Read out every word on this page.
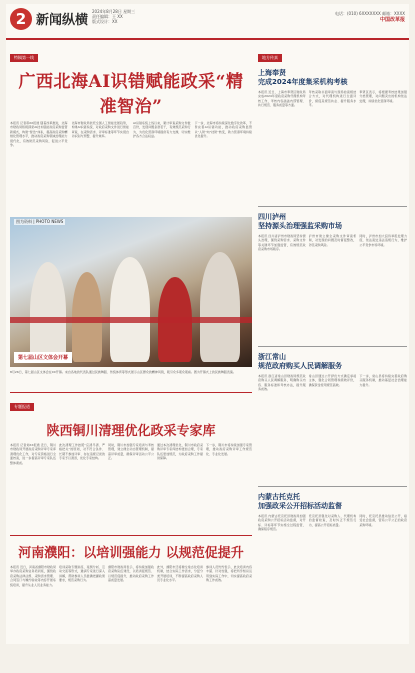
2 新闻纵横
2024年8月28日 星期三
责任编辑：王 XX
版式设计：XX
电话：(010) 6XXXXXXX 邮箱：XXXX
中国改革报
特稿第一线
广西北海AI识错赋能政采“精准智治”
本报讯 记者莫XX报道 随着改革推进，北海市财政局积极探索AI技术赋能政府采购监管新模式，构建“智治”体系，提高政府采购精细化管理水平，推动政府采购领域治理能力现代化，有效防范采购风险，促进公平竞争。
北海市财政局依托全国人工智能发展趋势，构建AI识错系统，对政府采购文件进行智能审查，在采购需求、评审标准等环节实现自动识别与预警，提升效率。
AI识错系统上线以来，累计审查采购文件数百份，发现问题条款若干，有效规范采购行为，为优化营商环境提供有力支撑，切实维护各方合法权益。
下一步，北海市将持续深化数字化改革，不断完善AI识错功能，推动政府采购监管从“人防”向“技防”转变，助力营商环境持续优化提升。
图为资料 | PHOTO NEWS
第七届山区文体会开幕
8月26日，第七届山区文体会在XX开幕。来自各地的代表队通过民族舞蹈、传统体育等形式展示山区群众的精神风貌，吸引众多观众观看。图为开幕式上的民族舞蹈表演。
专题报道
陕西铜川清理优化政采专家库
本报讯 记者刘XX报道 近日，铜川市财政局开展政府采购评审专家库清理优化工作，对专家资格进行全面核查，进一步提高评审专家队伍整体素质。
此次清理工作按照“应清尽清、严格把关”的原则，对不符合条件、长期不参加评审、存在违规记录的专家予以清退，优化专家结构。
同时，铜川市加强专家培训与考核管理，建立健全动态管理机制，提高评审质量，确保评审活动公平公正。
通过本次清理优化，铜川市政府采购评审专家库结构更加合理，专家队伍更加规范，为政府采购工作提供保障。
下一步，铜川市将持续加强专家管理，推动政府采购评审工作规范化、专业化发展。
河南濮阳：以培训强能力 以规范促提升
本报讯 近日，河南省濮阳市财政局举办政府采购业务培训班，围绕政府采购法律法规、采购需求管理、合同签订与履约验收等内容开展系统培训，提升从业人员业务能力。
培训采取专题讲座、案例分析、互动交流等形式，邀请专家进行深入讲解，帮助参训人员准确把握政策要求，规范采购行为。
濮阳市财政局表示，将持续加强政府采购队伍建设，以培训促规范、以规范促提升，推动政府采购工作高质量发展。
此外，濮阳市还将健全常态化培训机制，结合实际工作需求，分层分类开展培训，不断提高政府采购人员专业化水平。
参训人员纷纷表示，此次培训内容丰富、针对性强，将把所学知识运用到实际工作中，切实提高政府采购工作质效。
地方传真
上海奉贤
完成2024年度集采机构考核
本报讯 近日，上海市奉贤区财政局完成2024年度政府采购代理机构考核工作，考核内容涵盖内部管理、执行规范、服务质量等方面。
考核采取书面审查与现场检查相结合方式，对代理机构进行全面评价，督促其规范执业、提升服务水平。
奉贤区表示，将根据考核结果加强分类管理，对问题突出的机构依法处理，持续优化营商环境。
四川泸州
坚持源头治理强监采购市场
本报讯 四川省泸州市财政局坚持源头治理，围绕采购需求、采购文件等关键环节加强监管，有效规范政府采购市场秩序。
泸州市建立健全采购文件审查机制，对发现的问题及时督促整改，防范采购风险。
同时，泸州市加大投诉举报处理力度，依法查处违法违规行为，维护公平竞争市场环境。
浙江常山
规范政府购买人民调解服务
本报讯 浙江省常山县财政局规范政府购买人民调解服务，明确购买内容、服务标准和考核办法，提升服务质效。
常山县通过公开择优方式确定承接主体，强化合同管理和绩效评价，确保资金使用规范高效。
下一步，常山县将持续完善政府购买服务机制，推动基层社会治理能力提升。
内蒙古托克托
加强政采公开招标活动监督
本报讯 内蒙古托克托县财政局加强政府采购公开招标活动监督，对开标、评标等环节实施全过程监管，确保程序规范。
托克托县强化对采购人、代理机构的监督检查，及时纠正不规范行为，提高公开招标质量。
同时，托克托县推动信息公开，接受社会监督，营造公平公正的政府采购环境。
